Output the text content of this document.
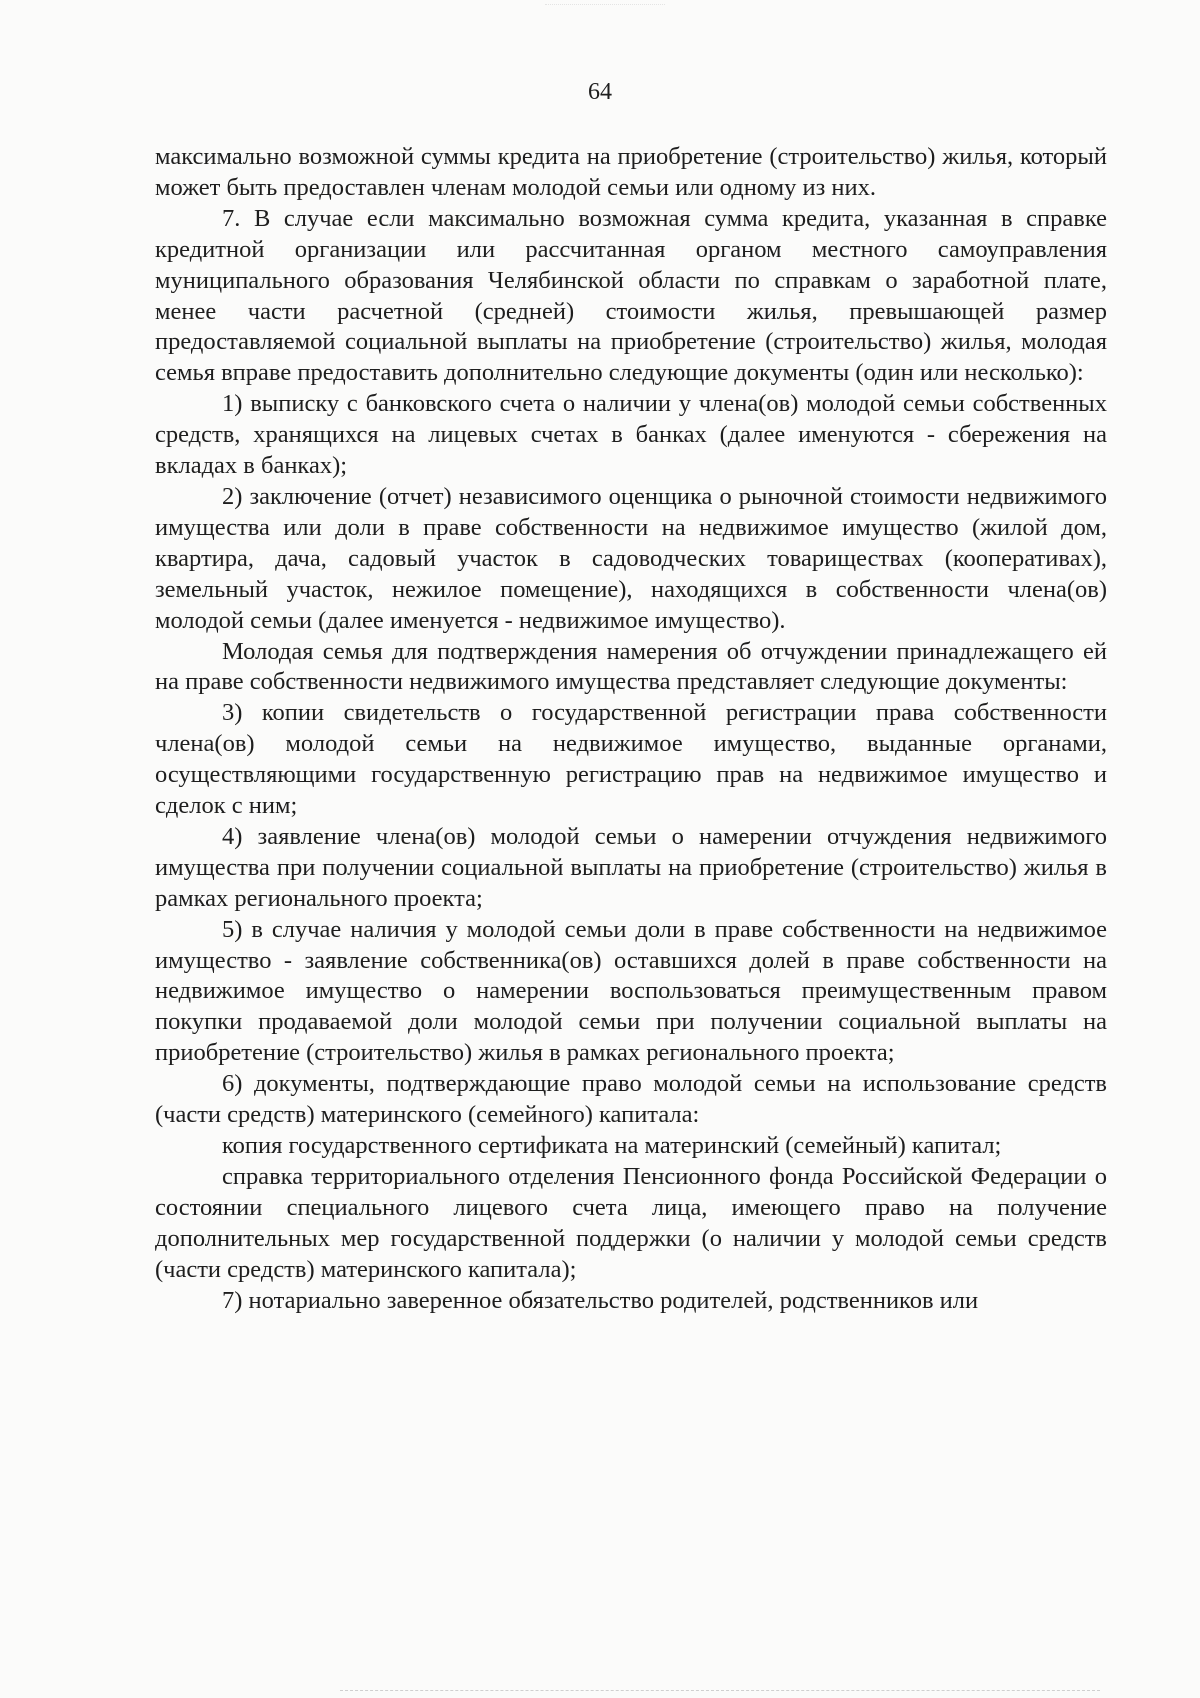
64

максимально возможной суммы кредита на приобретение (строительство) жилья, который может быть предоставлен членам молодой семьи или одному из них.

7. В случае если максимально возможная сумма кредита, указанная в справке кредитной организации или рассчитанная органом местного самоуправления муниципального образования Челябинской области по справкам о заработной плате, менее части расчетной (средней) стоимости жилья, превышающей размер предоставляемой социальной выплаты на приобретение (строительство) жилья, молодая семья вправе предоставить дополнительно следующие документы (один или несколько):

1) выписку с банковского счета о наличии у члена(ов) молодой семьи собственных средств, хранящихся на лицевых счетах в банках (далее именуются - сбережения на вкладах в банках);

2) заключение (отчет) независимого оценщика о рыночной стоимости недвижимого имущества или доли в праве собственности на недвижимое имущество (жилой дом, квартира, дача, садовый участок в садоводческих товариществах (кооперативах), земельный участок, нежилое помещение), находящихся в собственности члена(ов) молодой семьи (далее именуется - недвижимое имущество).

Молодая семья для подтверждения намерения об отчуждении принадлежащего ей на праве собственности недвижимого имущества представляет следующие документы:

3) копии свидетельств о государственной регистрации права собственности члена(ов) молодой семьи на недвижимое имущество, выданные органами, осуществляющими государственную регистрацию прав на недвижимое имущество и сделок с ним;

4) заявление члена(ов) молодой семьи о намерении отчуждения недвижимого имущества при получении социальной выплаты на приобретение (строительство) жилья в рамках регионального проекта;

5) в случае наличия у молодой семьи доли в праве собственности на недвижимое имущество - заявление собственника(ов) оставшихся долей в праве собственности на недвижимое имущество о намерении воспользоваться преимущественным правом покупки продаваемой доли молодой семьи при получении социальной выплаты на приобретение (строительство) жилья в рамках регионального проекта;

6) документы, подтверждающие право молодой семьи на использование средств (части средств) материнского (семейного) капитала:

копия государственного сертификата на материнский (семейный) капитал;

справка территориального отделения Пенсионного фонда Российской Федерации о состоянии специального лицевого счета лица, имеющего право на получение дополнительных мер государственной поддержки (о наличии у молодой семьи средств (части средств) материнского капитала);

7) нотариально заверенное обязательство родителей, родственников или
